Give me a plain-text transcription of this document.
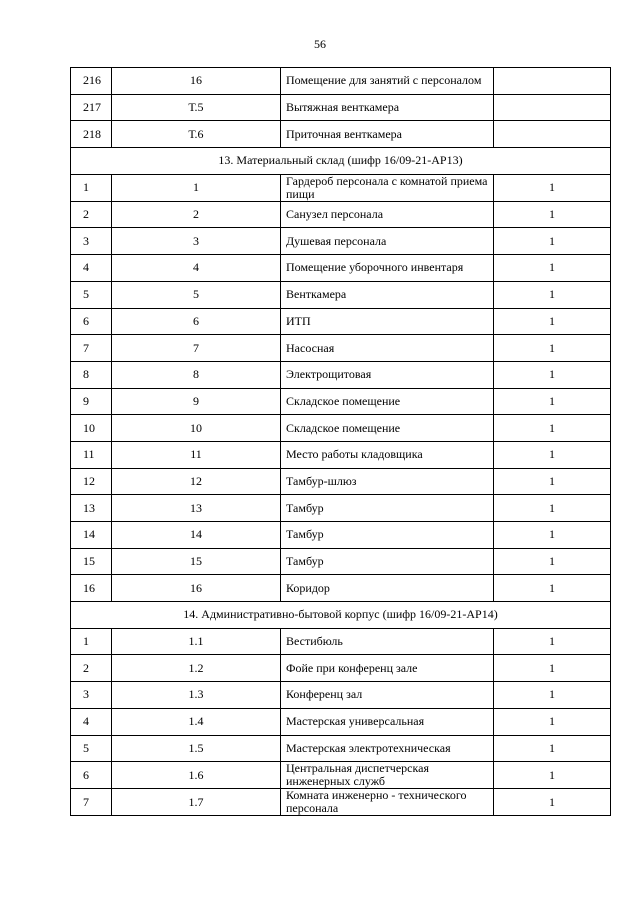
56
216	16	Помещение для занятий с персоналом	
217	Т.5	Вытяжная венткамера	
218	Т.6	Приточная венткамера	
13. Материальный склад (шифр 16/09-21-АР13)			
1	1	Гардероб персонала с комнатой приема пищи	1
2	2	Санузел персонала	1
3	3	Душевая персонала	1
4	4	Помещение уборочного инвентаря	1
5	5	Венткамера	1
6	6	ИТП	1
7	7	Насосная	1
8	8	Электрощитовая	1
9	9	Складское помещение	1
10	10	Складское помещение	1
11	11	Место работы кладовщика	1
12	12	Тамбур-шлюз	1
13	13	Тамбур	1
14	14	Тамбур	1
15	15	Тамбур	1
16	16	Коридор	1
14. Административно-бытовой корпус (шифр 16/09-21-АР14)			
1	1.1	Вестибюль	1
2	1.2	Фойе при конференц зале	1
3	1.3	Конференц зал	1
4	1.4	Мастерская универсальная	1
5	1.5	Мастерская электротехническая	1
6	1.6	Центральная диспетчерская инженерных служб	1
7	1.7	Комната инженерно - технического персонала	1
